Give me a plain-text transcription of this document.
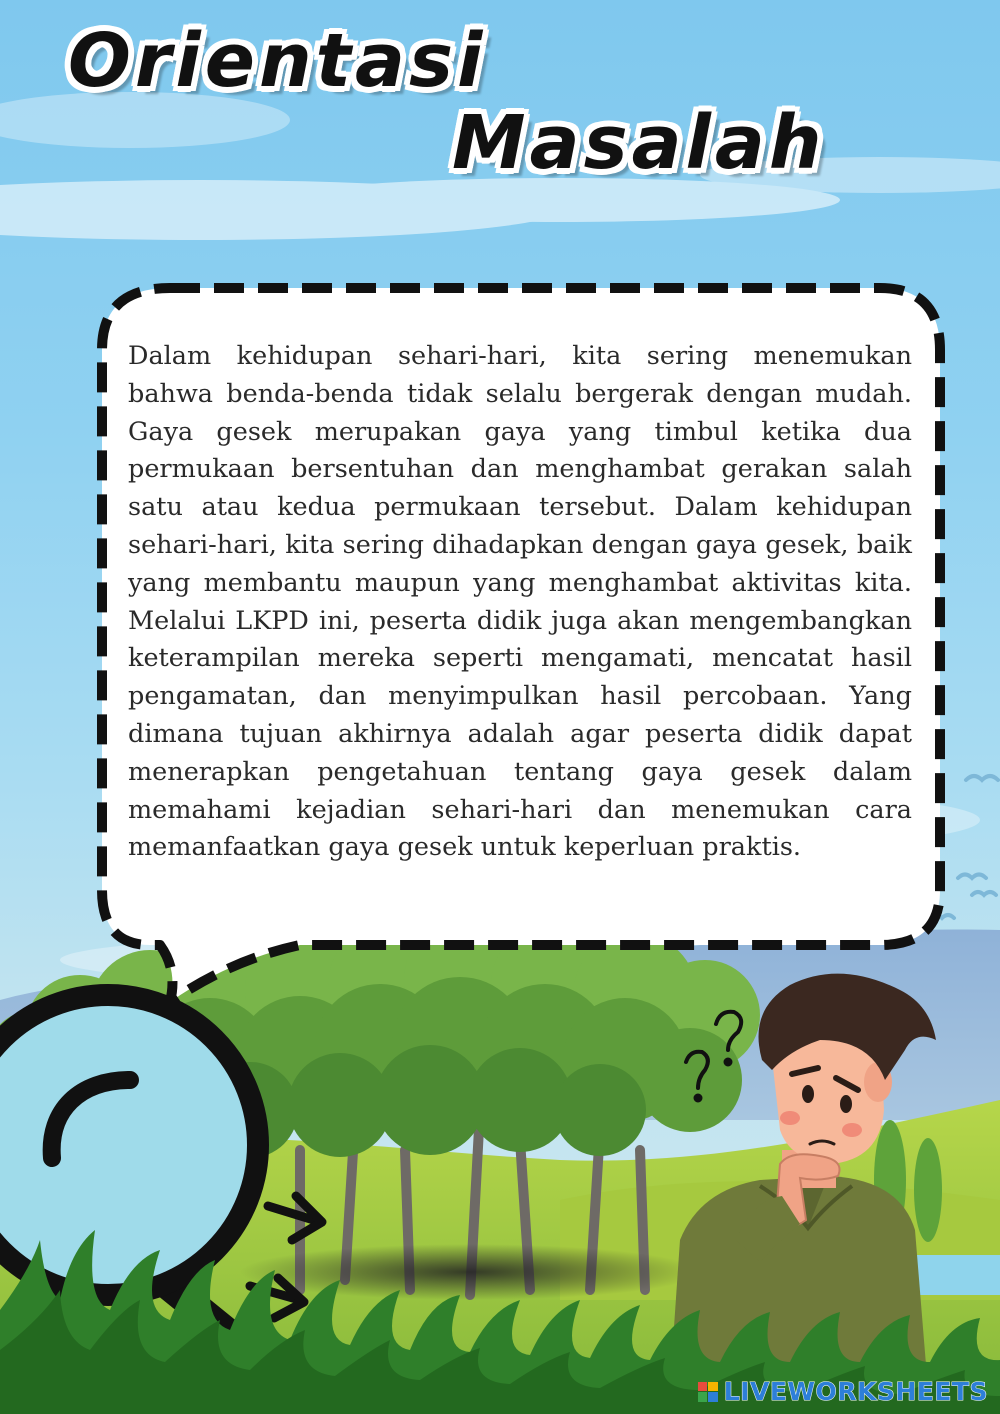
Orientasi
Masalah

Dalam kehidupan sehari-hari, kita sering menemukan bahwa benda-benda tidak selalu bergerak dengan mudah. Gaya gesek merupakan gaya yang timbul ketika dua permukaan bersentuhan dan menghambat gerakan salah satu atau kedua permukaan tersebut. Dalam kehidupan sehari-hari, kita sering dihadapkan dengan gaya gesek, baik yang membantu maupun yang menghambat aktivitas kita. Melalui LKPD ini, peserta didik juga akan mengembangkan keterampilan mereka seperti mengamati, mencatat hasil pengamatan, dan menyimpulkan hasil percobaan. Yang dimana tujuan akhirnya adalah agar peserta didik dapat menerapkan pengetahuan tentang gaya gesek dalam memahami kejadian sehari-hari dan menemukan cara memanfaatkan gaya gesek untuk keperluan praktis.

LIVEWORKSHEETS
